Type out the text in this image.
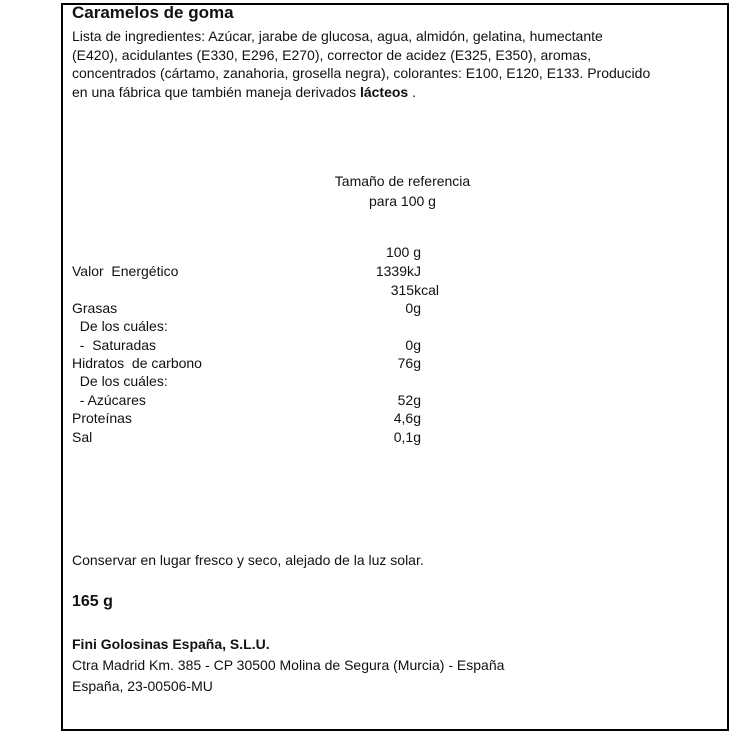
Caramelos de goma
Lista de ingredientes: Azúcar, jarabe de glucosa, agua, almidón, gelatina, humectante (E420), acidulantes (E330, E296, E270), corrector de acidez (E325, E350), aromas, concentrados (cártamo, zanahoria, grosella negra), colorantes: E100, E120, E133. Producido en una fábrica que también maneja derivados lácteos .
Tamaño de referencia
para 100 g
100 g
Valor  Energético	1339kJ
315kcal
Grasas	0g
De los cuáles:
-  Saturadas	0g
Hidratos  de carbono	76g
De los cuáles:
- Azúcares	52g
Proteínas	4,6g
Sal	0,1g
Conservar en lugar fresco y seco, alejado de la luz solar.
165 g
Fini Golosinas España, S.L.U.
Ctra Madrid Km. 385 - CP 30500 Molina de Segura (Murcia) - España
España, 23-00506-MU
